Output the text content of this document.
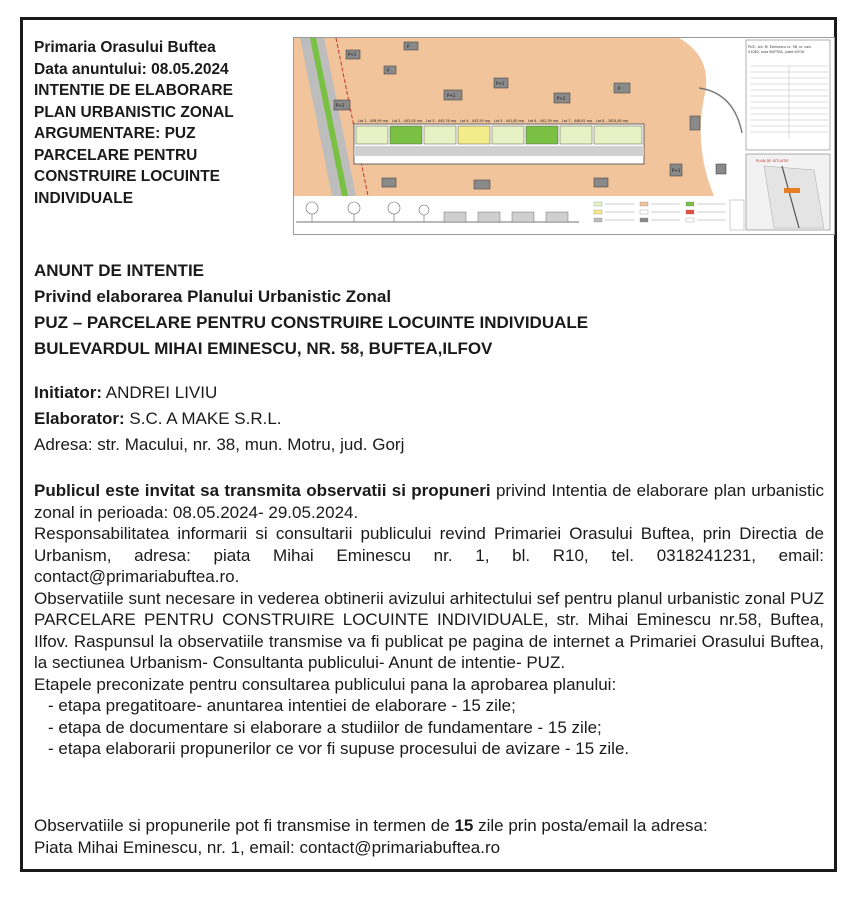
Primaria Orasului Buftea
Data anuntului: 08.05.2024
INTENTIE DE ELABORARE
PLAN URBANISTIC ZONAL
ARGUMENTARE: PUZ
PARCELARE PENTRU
CONSTRUIRE LOCUINTE
INDIVIDUALE
Lot 1 - 458,99 mp Lot 2 - 443,05 mp Lot 3 - 445,76 mp Lot 4 - 443,55 mp Lot 5 - 441,80 mp Lot 6 - 442,39 mp Lot 7 - 448,61 mp Lot 8 - 1824,85 mp
P+1
P+1
P
P
P+1
P+1
P+1
P
P+1
PUZ - bd. M. Eminescu nr. 58, nr. cad.
51082, oras BUFTEA, judet ILFOV
PLAN DE SITUATIE
ANUNT DE INTENTIE
Privind elaborarea Planului Urbanistic Zonal
PUZ – PARCELARE PENTRU CONSTRUIRE LOCUINTE INDIVIDUALE
BULEVARDUL MIHAI EMINESCU, NR. 58, BUFTEA,ILFOV
Initiator: ANDREI LIVIU
Elaborator: S.C. A MAKE S.R.L.
Adresa: str. Macului, nr. 38, mun. Motru, jud. Gorj

Publicul este invitat sa transmita observatii si propuneri privind Intentia de elaborare plan urbanistic zonal in perioada: 08.05.2024- 29.05.2024.

Responsabilitatea informarii si consultarii publicului revind Primariei Orasului Buftea, prin Directia de Urbanism, adresa: piata Mihai Eminescu nr. 1, bl. R10, tel. 0318241231, email: contact@primariabuftea.ro.

Observatiile sunt necesare in vederea obtinerii avizului arhitectului sef pentru planul urbanistic zonal PUZ PARCELARE PENTRU CONSTRUIRE LOCUINTE INDIVIDUALE, str. Mihai Eminescu nr.58, Buftea, Ilfov. Raspunsul la observatiile transmise va fi publicat pe pagina de internet a Primariei Orasului Buftea, la sectiunea Urbanism- Consultanta publicului- Anunt de intentie- PUZ.

Etapele preconizate pentru consultarea publicului pana la aprobarea planului:

- etapa pregatitoare- anuntarea intentiei de elaborare - 15 zile;
- etapa de documentare si elaborare a studiilor de fundamentare - 15 zile;
- etapa elaborarii propunerilor ce vor fi supuse procesului de avizare - 15 zile.

Observatiile si propunerile pot fi transmise in termen de 15 zile prin posta/email la adresa:

Piata Mihai Eminescu, nr. 1, email: contact@primariabuftea.ro
